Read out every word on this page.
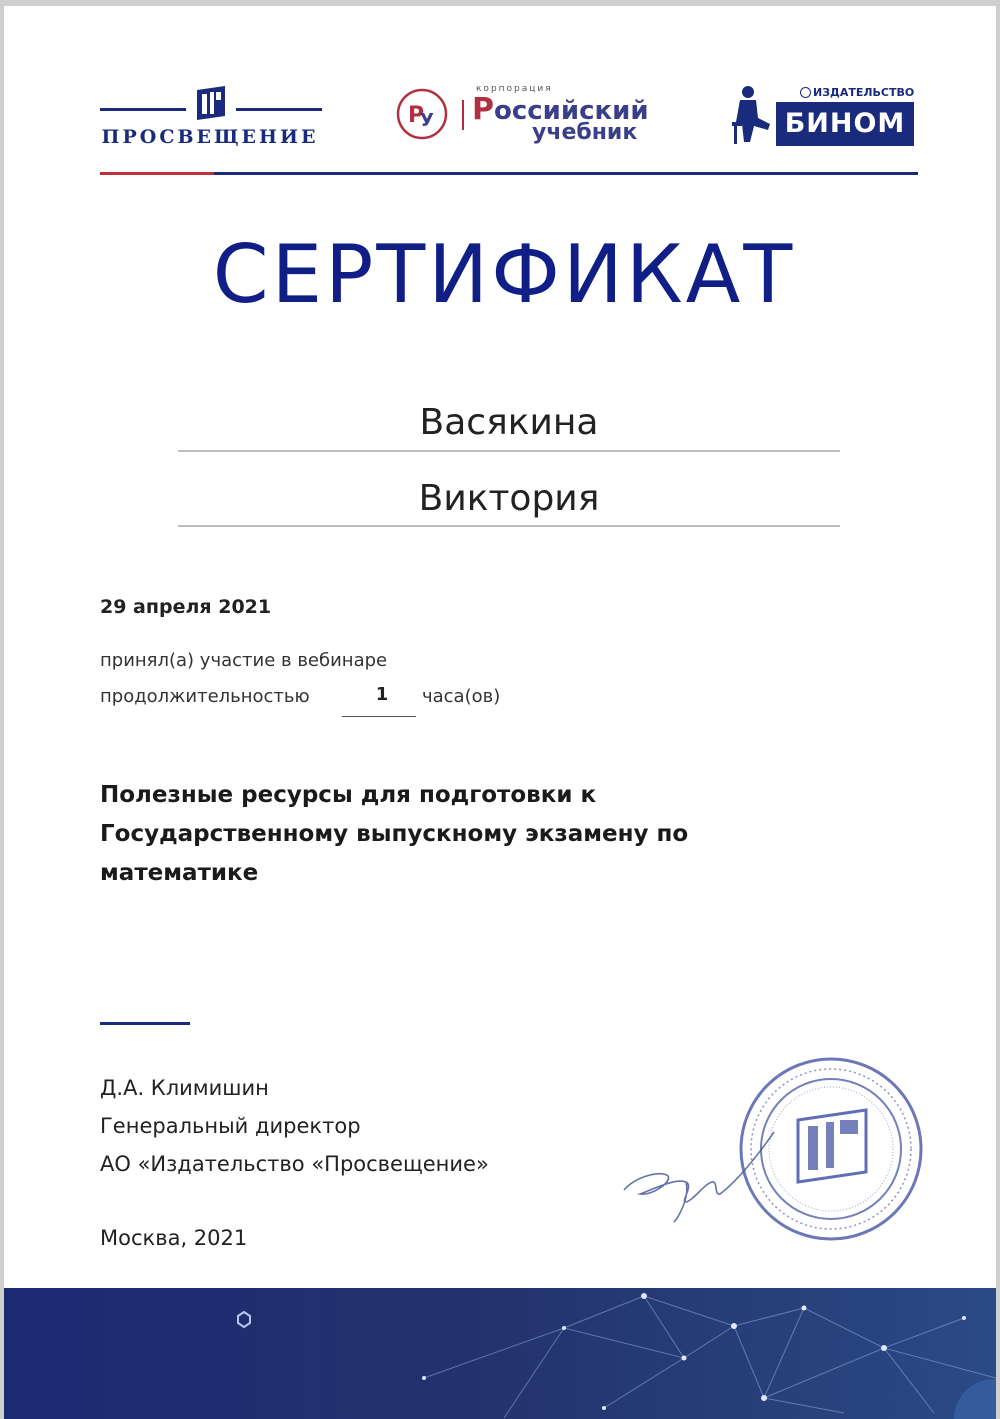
ПРОСВЕЩЕНИЕ
Р
У
корпорация
Российский
учебник
ИЗДАТЕЛЬСТВО
БИНОМ
СЕРТИФИКАТ
Васякина
Виктория
29 апреля 2021
принял(а) участие в вебинаре
продолжительностью	1	часа(ов)
Полезные ресурсы для подготовки к Государственному выпускному экзамену по математике
Д.А. Климишин
Генеральный директор
АО «Издательство «Просвещение»
Москва, 2021
